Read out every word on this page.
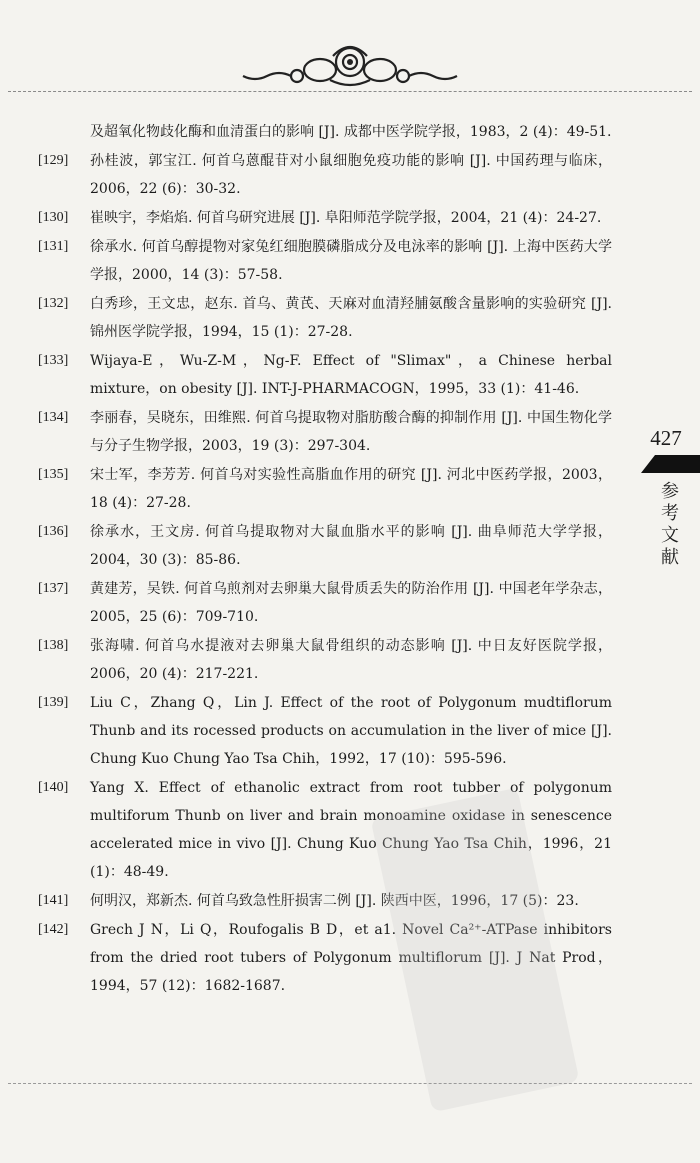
及超氧化物歧化酶和血清蛋白的影响 [J]. 成都中医学院学报，1983，2 (4)：49-51.
[129]	孙桂波，郭宝江. 何首乌蒽醌苷对小鼠细胞免疫功能的影响 [J]. 中国药理与临床，2006，22 (6)：30-32.
[130]	崔映宇，李焰焰. 何首乌研究进展 [J]. 阜阳师范学院学报，2004，21 (4)：24-27.
[131]	徐承水. 何首乌醇提物对家兔红细胞膜磷脂成分及电泳率的影响 [J]. 上海中医药大学学报，2000，14 (3)：57-58.
[132]	白秀珍，王文忠，赵东. 首乌、黄芪、天麻对血清羟脯氨酸含量影响的实验研究 [J]. 锦州医学院学报，1994，15 (1)：27-28.
[133]	Wijaya-E，Wu-Z-M，Ng-F. Effect of "Slimax"，a Chinese herbal mixture，on obesity [J]. INT-J-PHARMACOGN，1995，33 (1)：41-46.
[134]	李丽春，吴晓东，田维熙. 何首乌提取物对脂肪酸合酶的抑制作用 [J]. 中国生物化学与分子生物学报，2003，19 (3)：297-304.
[135]	宋士军，李芳芳. 何首乌对实验性高脂血作用的研究 [J]. 河北中医药学报，2003，18 (4)：27-28.
[136]	徐承水，王文房. 何首乌提取物对大鼠血脂水平的影响 [J]. 曲阜师范大学学报，2004，30 (3)：85-86.
[137]	黄建芳，吴铁. 何首乌煎剂对去卵巢大鼠骨质丢失的防治作用 [J]. 中国老年学杂志，2005，25 (6)：709-710.
[138]	张海啸. 何首乌水提液对去卵巢大鼠骨组织的动态影响 [J]. 中日友好医院学报，2006，20 (4)：217-221.
[139]	Liu C，Zhang Q，Lin J. Effect of the root of Polygonum mudtiflorum Thunb and its rocessed products on accumulation in the liver of mice [J]. Chung Kuo Chung Yao Tsa Chih，1992，17 (10)：595-596.
[140]	Yang X. Effect of ethanolic extract from root tubber of polygonum multiforum Thunb on liver and brain monoamine oxidase in senescence accelerated mice in vivo [J]. Chung Kuo Chung Yao Tsa Chih，1996，21 (1)：48-49.
[141]	何明汉，郑新杰. 何首乌致急性肝损害二例 [J]. 陕西中医，1996，17 (5)：23.
[142]	Grech J N，Li Q，Roufogalis B D，et a1. Novel Ca²⁺-ATPase inhibitors from the dried root tubers of Polygonum multiflorum [J]. J Nat Prod，1994，57 (12)：1682-1687.
427
参考文献
